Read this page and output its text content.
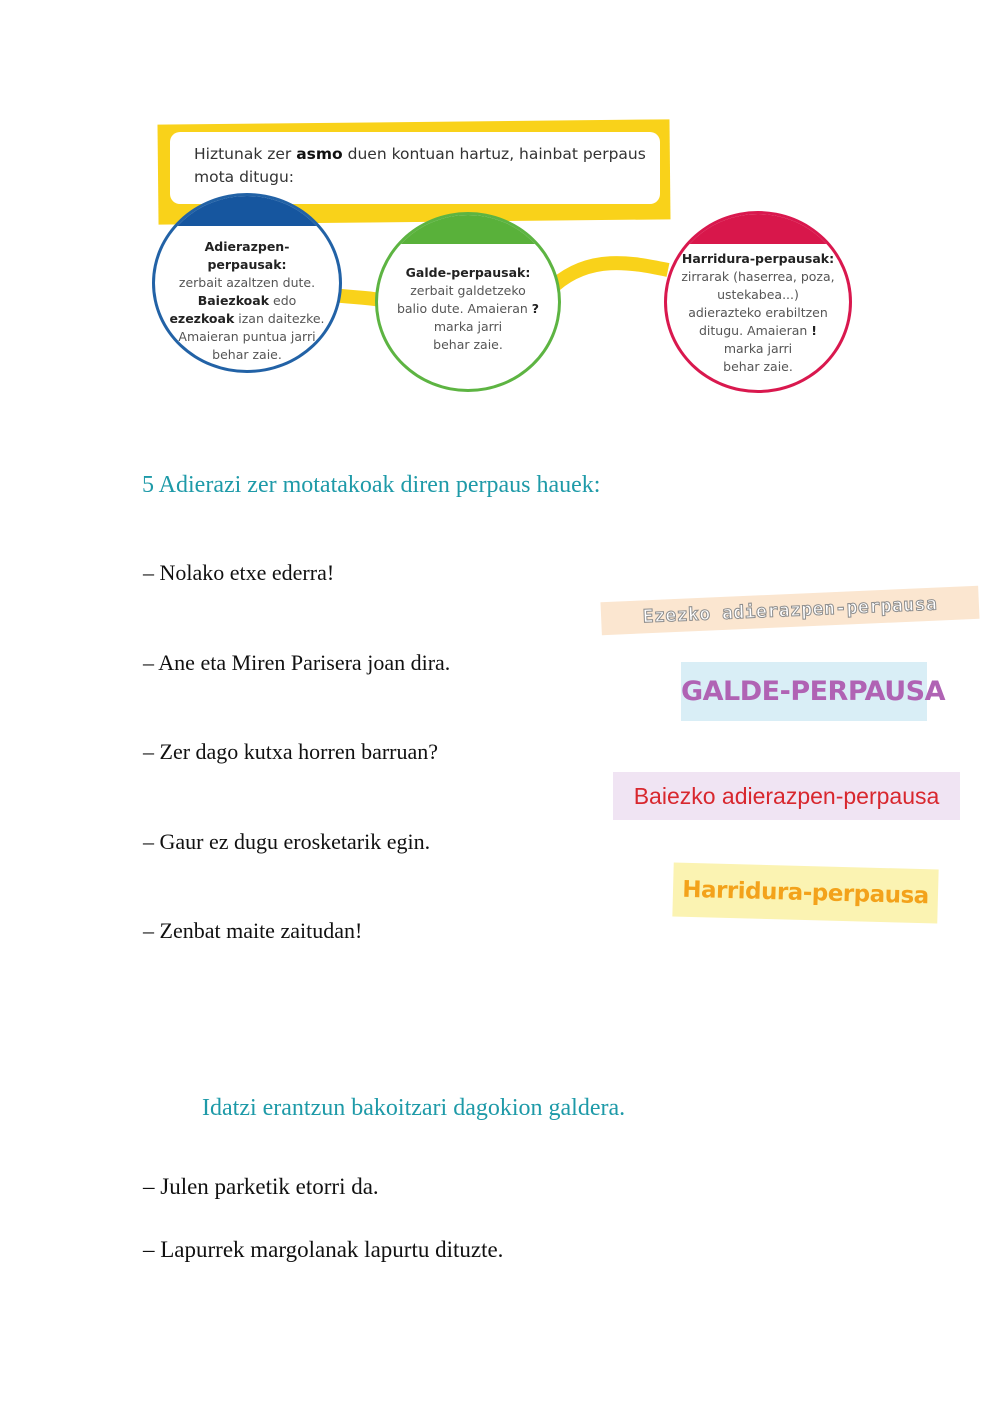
Hiztunak zer asmo duen kontuan hartuz, hainbat perpaus mota ditugu:
Adierazpen-perpausak:
zerbait azaltzen dute.
Baiezkoak edo
ezezkoak izan daitezke.
Amaieran puntua jarri
behar zaie.
Galde-perpausak:
zerbait galdetzeko
balio dute. Amaieran ?
marka jarri
behar zaie.
Harridura-perpausak:
zirrarak (haserrea, poza,
ustekabea...)
adierazteko erabiltzen
ditugu. Amaieran !
marka jarri
behar zaie.
5 Adierazi zer motatakoak diren perpaus hauek:
– Nolako etxe ederra!
– Ane eta Miren Parisera joan dira.
– Zer dago kutxa horren barruan?
– Gaur ez dugu erosketarik egin.
– Zenbat maite zaitudan!
Ezezko adierazpen-perpausa
GALDE-PERPAUSA
Baiezko adierazpen-perpausa
Harridura-perpausa
Idatzi erantzun bakoitzari dagokion galdera.
– Julen parketik etorri da.
– Lapurrek margolanak lapurtu dituzte.
